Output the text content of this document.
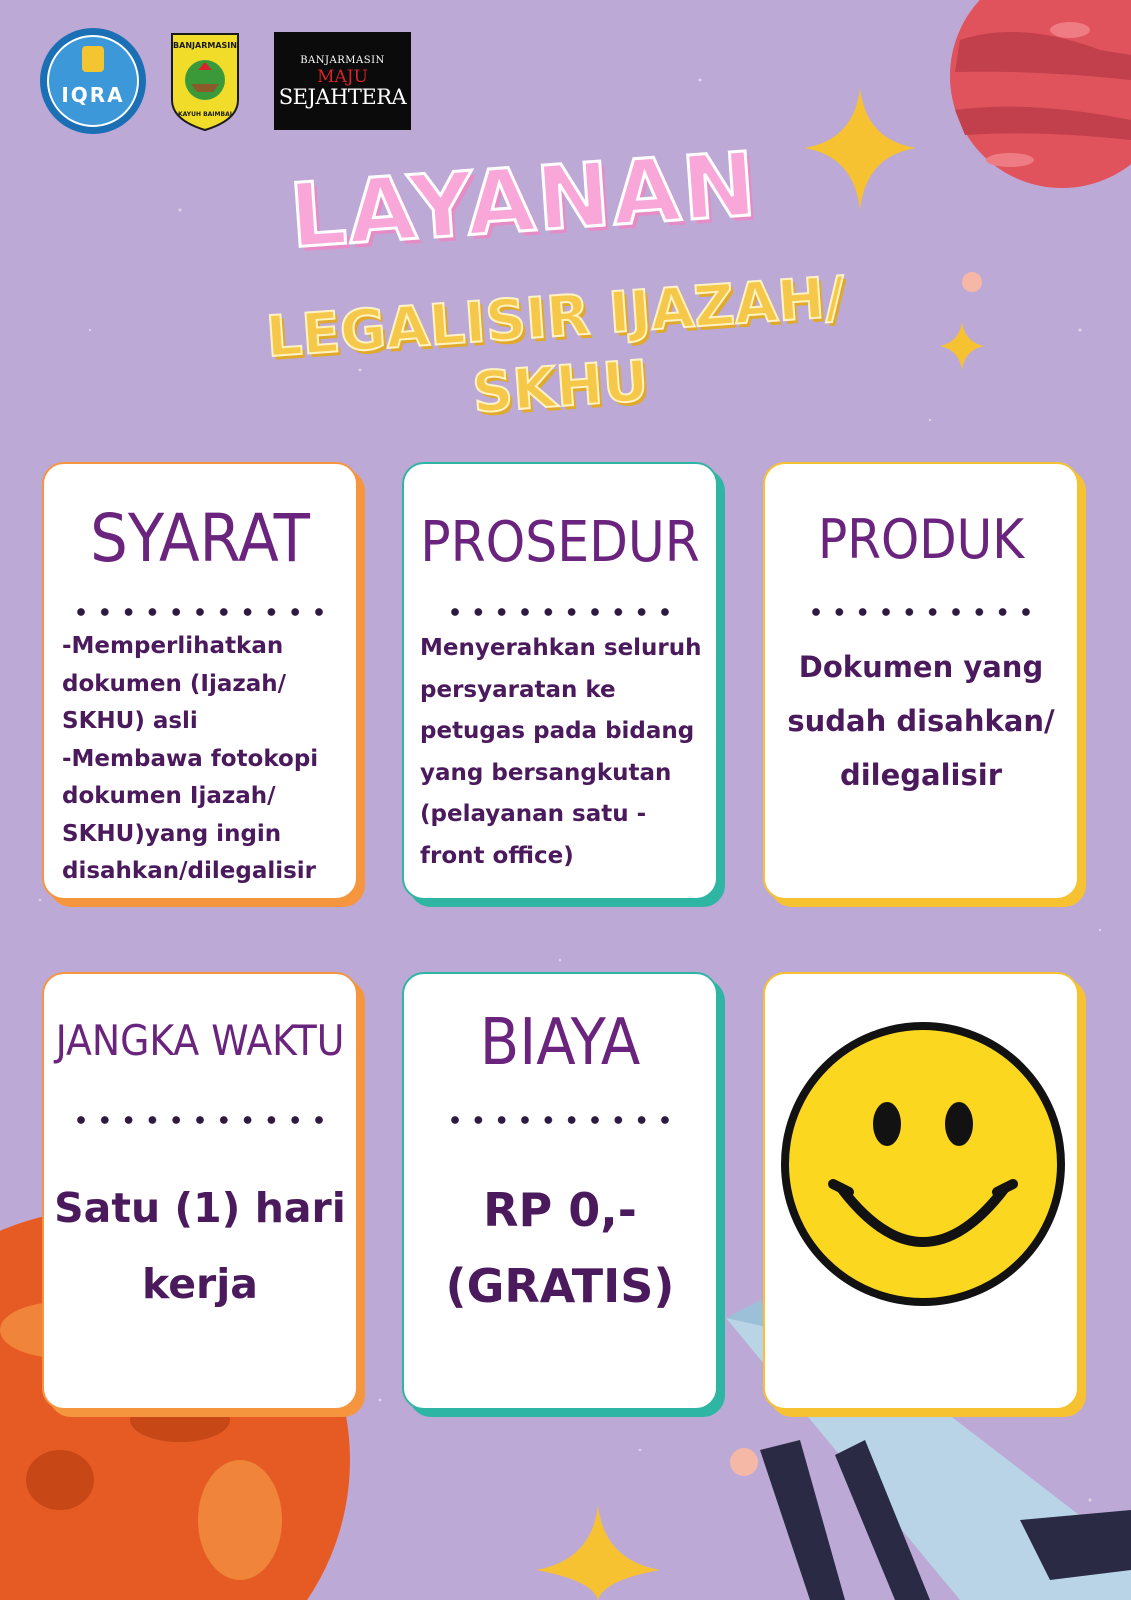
IQRA
BANJARMASIN
KAYUH BAIMBAI
BANJARMASIN
MAJU
SEJAHTERA
LAYANAN
LEGALISIR IJAZAH/
SKHU
SYARAT
-Memperlihatkan
dokumen (Ijazah/
SKHU) asli
-Membawa fotokopi
dokumen Ijazah/
SKHU)yang ingin
disahkan/dilegalisir
PROSEDUR
Menyerahkan seluruh
persyaratan ke
petugas pada bidang
yang bersangkutan
(pelayanan satu -
front office)
PRODUK
Dokumen yang
sudah disahkan/
dilegalisir
JANGKA WAKTU
Satu (1) hari
kerja
BIAYA
RP 0,-
(GRATIS)
